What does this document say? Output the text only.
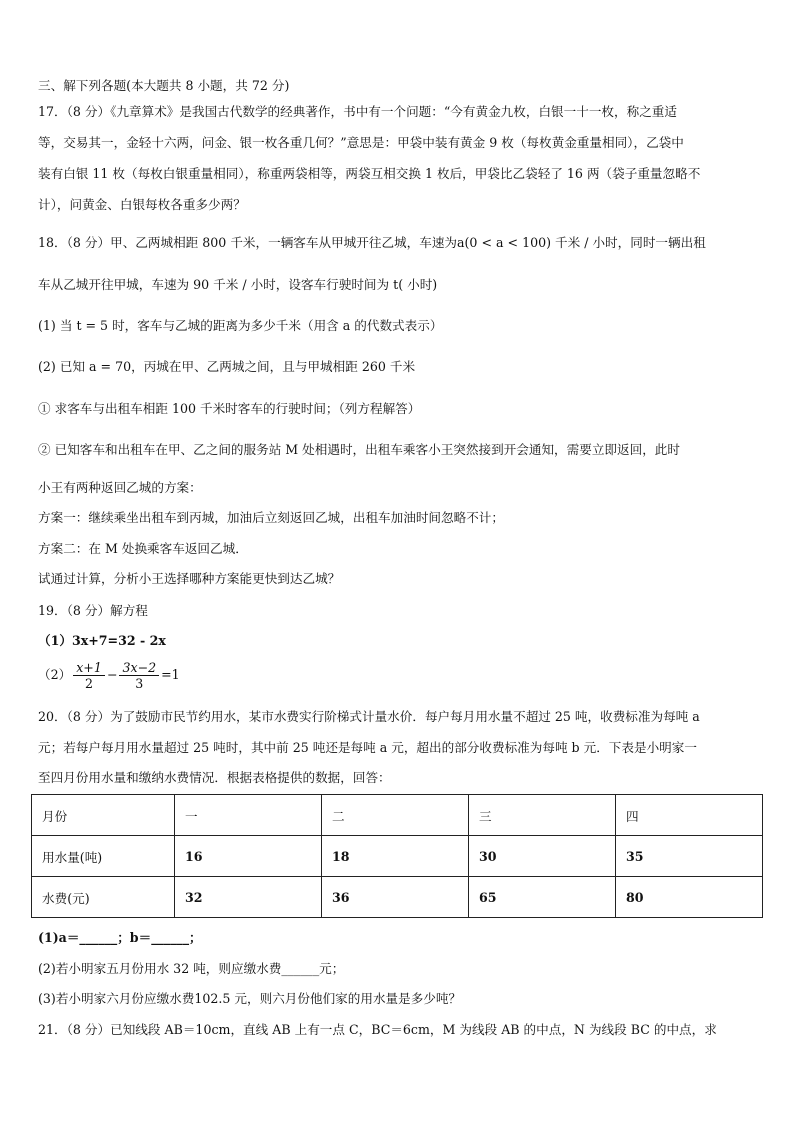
三、解下列各题(本大题共 8 小题，共 72 分)
17．（8 分）《九章算术》是我国古代数学的经典著作，书中有一个问题：“今有黄金九枚，白银一十一枚，称之重适
等，交易其一，金轻十六两，问金、银一枚各重几何？”意思是：甲袋中装有黄金 9 枚（每枚黄金重量相同），乙袋中
装有白银 11 枚（每枚白银重量相同），称重两袋相等，两袋互相交换 1 枚后，甲袋比乙袋轻了 16 两（袋子重量忽略不
计），问黄金、白银每枚各重多少两？
18．（8 分）甲、乙两城相距 800 千米，一辆客车从甲城开往乙城，车速为a(0 < a < 100) 千米 / 小时，同时一辆出租
车从乙城开往甲城，车速为 90 千米 / 小时，设客车行驶时间为 t( 小时)
(1) 当 t = 5 时，客车与乙城的距离为多少千米（用含 a 的代数式表示）
(2) 已知 a = 70，丙城在甲、乙两城之间，且与甲城相距 260 千米
① 求客车与出租车相距 100 千米时客车的行驶时间；（列方程解答）
② 已知客车和出租车在甲、乙之间的服务站 M 处相遇时，出租车乘客小王突然接到开会通知，需要立即返回，此时
小王有两种返回乙城的方案：
方案一：继续乘坐出租车到丙城，加油后立刻返回乙城，出租车加油时间忽略不计；
方案二：在 M 处换乘客车返回乙城．
试通过计算，分析小王选择哪种方案能更快到达乙城？
19．（8 分）解方程
（1）3x+7=32 - 2x
$(2) \frac{x+1}{2} - \frac{3x-2}{3} =1$
20．（8 分）为了鼓励市民节约用水，某市水费实行阶梯式计量水价．每户每月用水量不超过 25 吨，收费标准为每吨 a
元；若每户每月用水量超过 25 吨时，其中前 25 吨还是每吨 a 元，超出的部分收费标准为每吨 b 元．下表是小明家一
至四月份用水量和缴纳水费情况．根据表格提供的数据，回答：
月份	一	二	三	四
用水量(吨)	16	18	30	35
水费(元)	32	36	65	80
(1)a＝______；b＝______；
(2)若小明家五月份用水 32 吨，则应缴水费______元；
(3)若小明家六月份应缴水费102.5 元，则六月份他们家的用水量是多少吨？
21．（8 分）已知线段 AB＝10cm，直线 AB 上有一点 C，BC＝6cm，M 为线段 AB 的中点，N 为线段 BC 的中点，求
